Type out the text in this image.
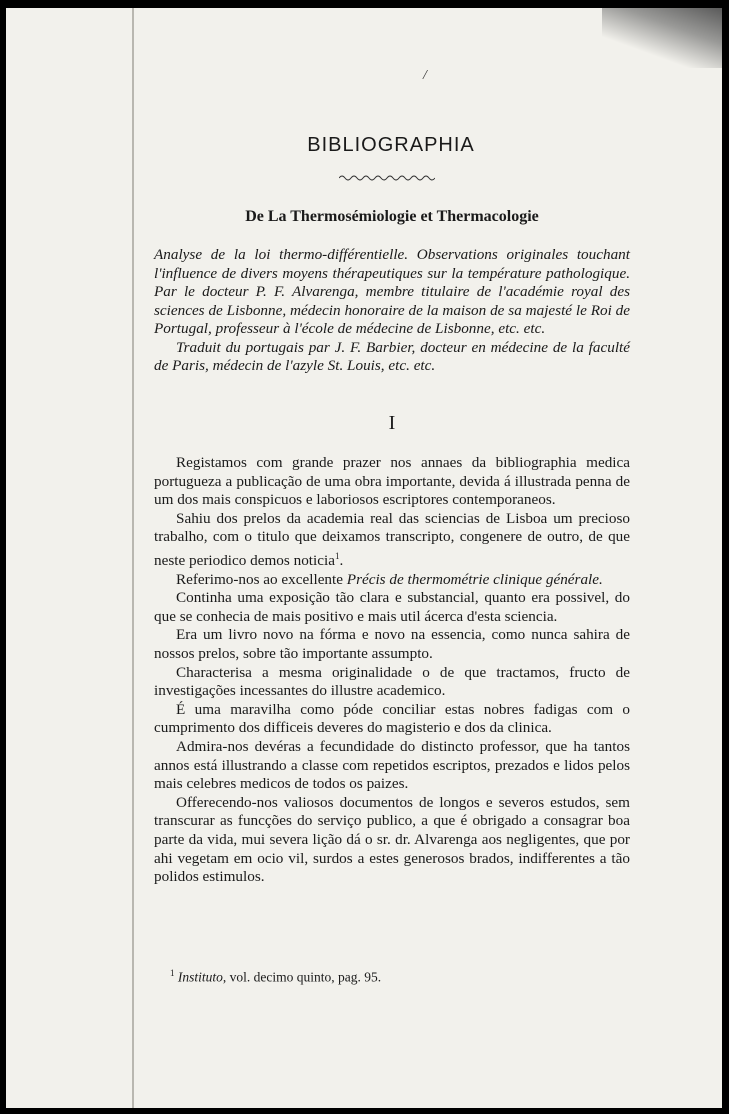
/
BIBLIOGRAPHIA
De La Thermosémiologie et Thermacologie

Analyse de la loi thermo-différentielle. Observations originales touchant l'influence de divers moyens thérapeutiques sur la température pathologique. Par le docteur P. F. Alvarenga, membre titulaire de l'académie royal des sciences de Lisbonne, médecin honoraire de la maison de sa majesté le Roi de Portugal, professeur à l'école de médecine de Lisbonne, etc. etc.

Traduit du portugais par J. F. Barbier, docteur en médecine de la faculté de Paris, médecin de l'azyle St. Louis, etc. etc.

I

Registamos com grande prazer nos annaes da bibliographia medica portugueza a publicação de uma obra importante, devida á illustrada penna de um dos mais conspicuos e laboriosos escriptores contemporaneos.

Sahiu dos prelos da academia real das sciencias de Lisboa um precioso trabalho, com o titulo que deixamos transcripto, congenere de outro, de que neste periodico demos noticia$^1$.

Referimo-nos ao excellente Précis de thermométrie clinique générale.

Continha uma exposição tão clara e substancial, quanto era possivel, do que se conhecia de mais positivo e mais util ácerca d'esta sciencia.

Era um livro novo na fórma e novo na essencia, como nunca sahira de nossos prelos, sobre tão importante assumpto.

Characterisa a mesma originalidade o de que tractamos, fructo de investigações incessantes do illustre academico.

É uma maravilha como póde conciliar estas nobres fadigas com o cumprimento dos difficeis deveres do magisterio e dos da clinica.

Admira-nos devéras a fecundidade do distincto professor, que ha tantos annos está illustrando a classe com repetidos escriptos, prezados e lidos pelos mais celebres medicos de todos os paizes.

Offerecendo-nos valiosos documentos de longos e severos estudos, sem transcurar as funcções do serviço publico, a que é obrigado a consagrar boa parte da vida, mui severa lição dá o sr. dr. Alvarenga aos negligentes, que por ahi vegetam em ocio vil, surdos a estes generosos brados, indifferentes a tão polidos estimulos.

$^1$ Instituto, vol. decimo quinto, pag. 95.
